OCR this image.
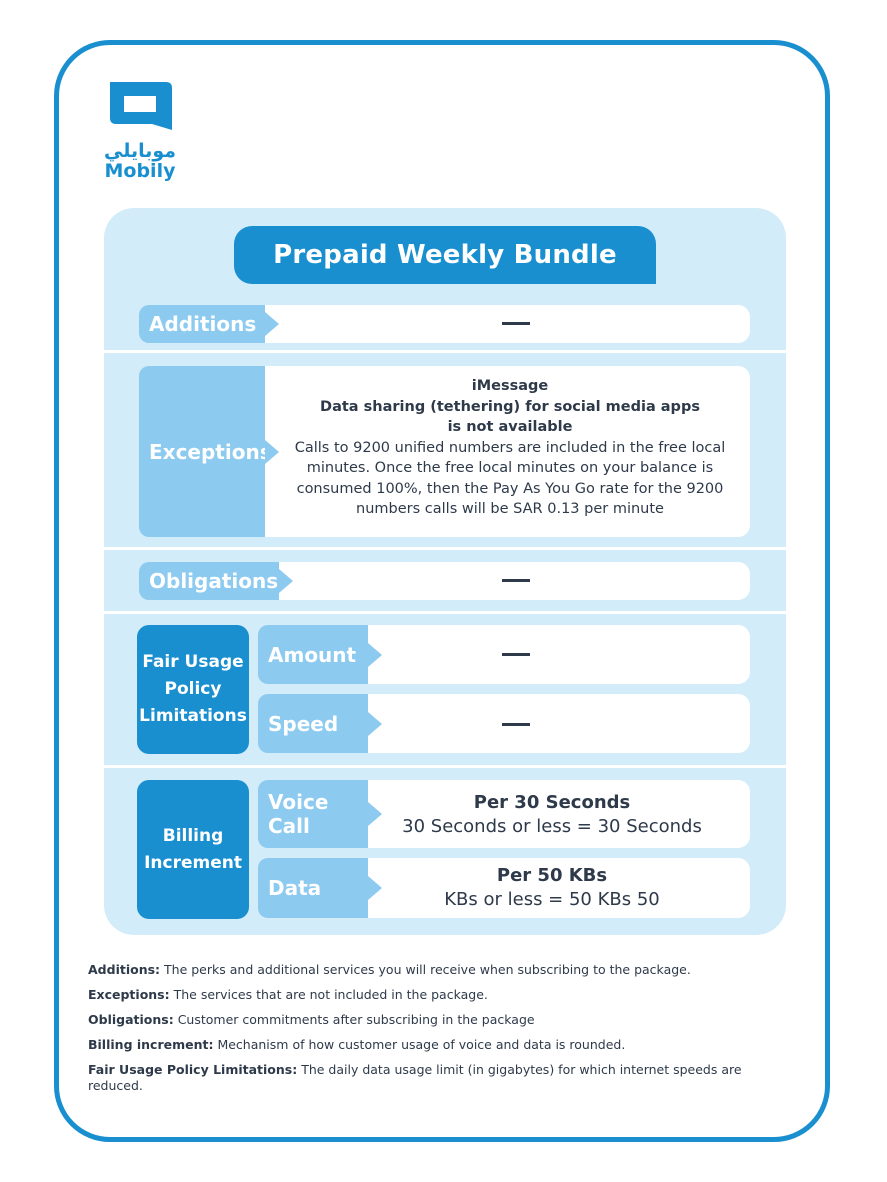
موبايلي
Mobily
Prepaid Weekly Bundle
Additions
Exceptions
iMessage
Data sharing (tethering) for social media apps
is not available
Calls to 9200 unified numbers are included in the free local minutes. Once the free local minutes on your balance is consumed 100%, then the Pay As You Go rate for the 9200 numbers calls will be SAR 0.13 per minute
Obligations
Fair Usage Policy Limitations
Amount
Speed
Billing Increment
Voice Call
Per 30 Seconds
30 Seconds or less = 30 Seconds
Data
Per 50 KBs
KBs or less = 50 KBs 50

Additions: The perks and additional services you will receive when subscribing to the package.

Exceptions: The services that are not included in the package.

Obligations: Customer commitments after subscribing in the package

Billing increment: Mechanism of how customer usage of voice and data is rounded.

Fair Usage Policy Limitations: The daily data usage limit (in gigabytes) for which internet speeds are reduced.
